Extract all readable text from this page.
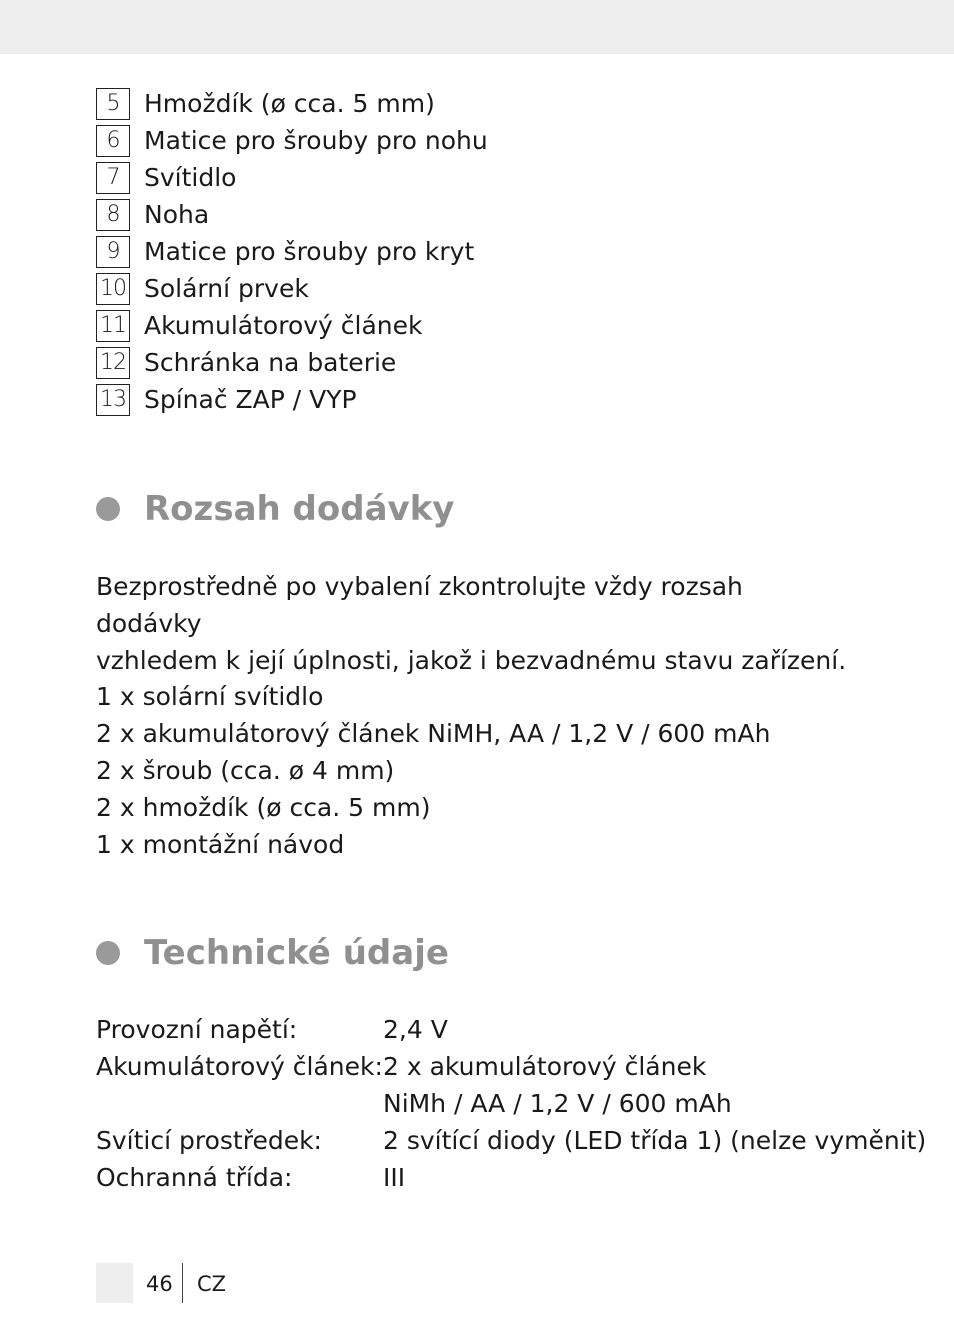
5 Hmoždík (ø cca. 5 mm)
6 Matice pro šrouby pro nohu
7 Svítidlo
8 Noha
9 Matice pro šrouby pro kryt
10 Solární prvek
11 Akumulátorový článek
12 Schránka na baterie
13 Spínač ZAP / VYP
Rozsah dodávky
Bezprostředně po vybalení zkontrolujte vždy rozsah dodávky
vzhledem k její úplnosti, jakož i bezvadnému stavu zařízení.
1 x solární svítidlo
2 x akumulátorový článek NiMH, AA / 1,2 V / 600 mAh
2 x šroub (cca. ø 4 mm)
2 x hmoždík (ø cca. 5 mm)
1 x montážní návod
Technické údaje
Provozní napětí:	2,4 V
Akumulátorový článek: 2 x akumulátorový článek
NiMh / AA / 1,2 V / 600 mAh
Svíticí prostředek:	2 svítící diody (LED třída 1) (nelze vyměnit)
Ochranná třída:	III
46 CZ
